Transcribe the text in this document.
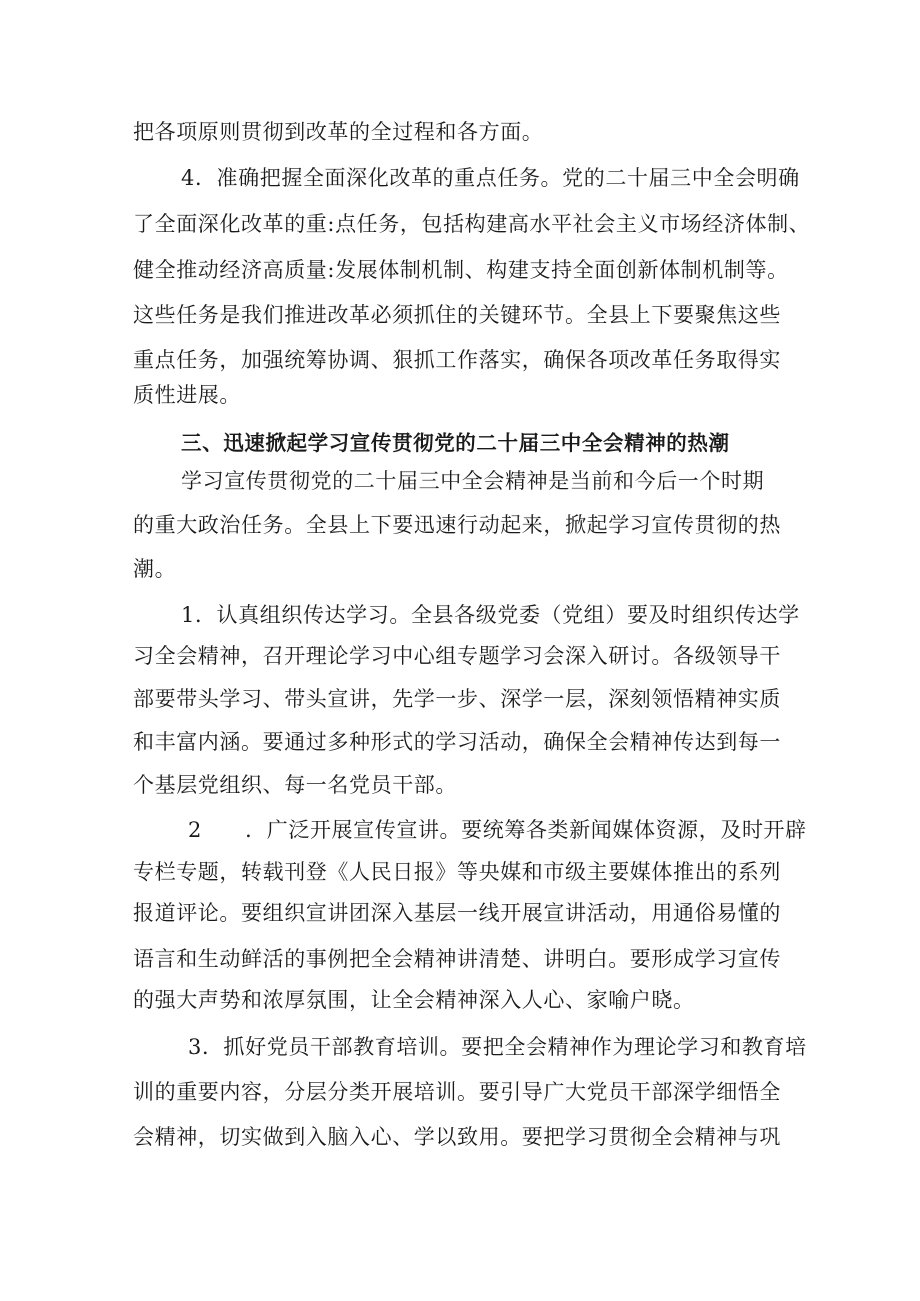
把各项原则贯彻到改革的全过程和各方面。
4．准确把握全面深化改革的重点任务。党的二十届三中全会明确
了全面深化改革的重:点任务，包括构建高水平社会主义市场经济体制、
健全推动经济高质量:发展体制机制、构建支持全面创新体制机制等。
这些任务是我们推进改革必须抓住的关键环节。全县上下要聚焦这些
重点任务，加强统筹协调、狠抓工作落实，确保各项改革任务取得实
质性进展。
三、迅速掀起学习宣传贯彻党的二十届三中全会精神的热潮
学习宣传贯彻党的二十届三中全会精神是当前和今后一个时期
的重大政治任务。全县上下要迅速行动起来，掀起学习宣传贯彻的热
潮。
1．认真组织传达学习。全县各级党委（党组）要及时组织传达学
习全会精神，召开理论学习中心组专题学习会深入研讨。各级领导干
部要带头学习、带头宣讲，先学一步、深学一层，深刻领悟精神实质
和丰富内涵。要通过多种形式的学习活动，确保全会精神传达到每一
个基层党组织、每一名党员干部。
2　　．广泛开展宣传宣讲。要统筹各类新闻媒体资源，及时开辟
专栏专题，转载刊登《人民日报》等央媒和市级主要媒体推出的系列
报道评论。要组织宣讲团深入基层一线开展宣讲活动，用通俗易懂的
语言和生动鲜活的事例把全会精神讲清楚、讲明白。要形成学习宣传
的强大声势和浓厚氛围，让全会精神深入人心、家喻户晓。
3．抓好党员干部教育培训。要把全会精神作为理论学习和教育培
训的重要内容，分层分类开展培训。要引导广大党员干部深学细悟全
会精神，切实做到入脑入心、学以致用。要把学习贯彻全会精神与巩
